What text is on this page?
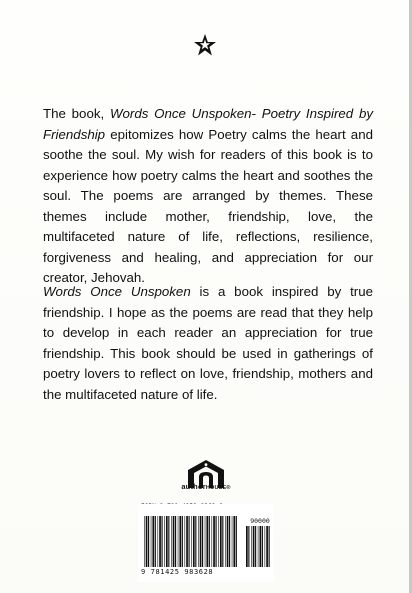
The book, Words Once Unspoken- Poetry Inspired by Friendship epitomizes how Poetry calms the heart and soothe the soul. My wish for readers of this book is to experience how poetry calms the heart and soothes the soul. The poems are arranged by themes. These themes include mother, friendship, love, the multifaceted nature of life, reflections, resilience, forgiveness and healing, and appreciation for our creator, Jehovah.

Words Once Unspoken is a book inspired by true friendship. I hope as the poems are read that they help to develop in each reader an appreciation for true friendship. This book should be used in gatherings of poetry lovers to reflect on love, friendship, mothers and the multifaceted nature of life.

authorHOUSE®
90000
9 781425 983628
